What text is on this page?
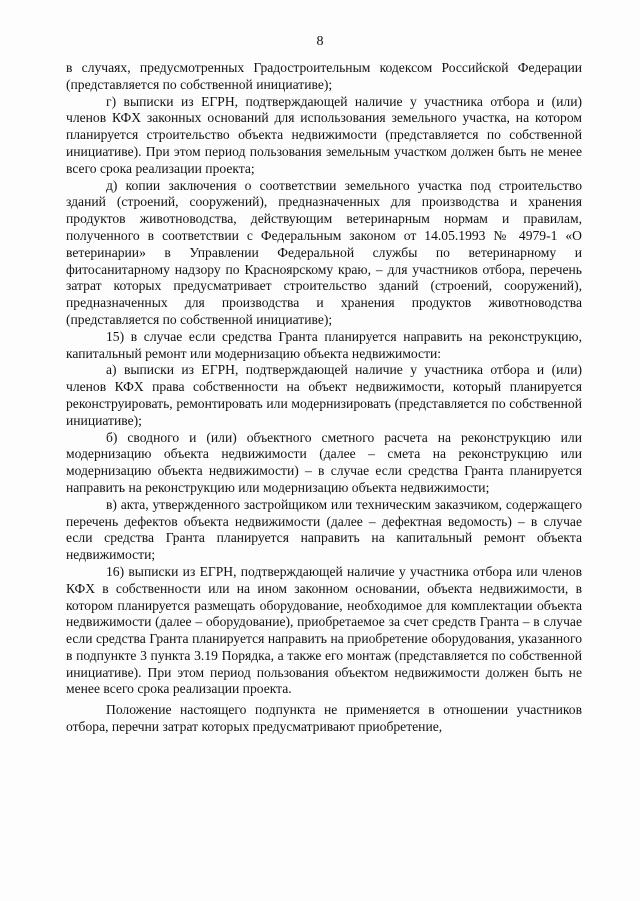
8

в случаях, предусмотренных Градостроительным кодексом Российской Федерации (представляется по собственной инициативе);

г) выписки из ЕГРН, подтверждающей наличие у участника отбора и (или) членов КФХ законных оснований для использования земельного участка, на котором планируется строительство объекта недвижимости (представляется по собственной инициативе). При этом период пользования земельным участком должен быть не менее всего срока реализации проекта;

д) копии заключения о соответствии земельного участка под строительство зданий (строений, сооружений), предназначенных для производства и хранения продуктов животноводства, действующим ветеринарным нормам и правилам, полученного в соответствии с Федеральным законом от 14.05.1993 № 4979-1 «О ветеринарии» в Управлении Федеральной службы по ветеринарному и фитосанитарному надзору по Красноярскому краю, – для участников отбора, перечень затрат которых предусматривает строительство зданий (строений, сооружений), предназначенных для производства и хранения продуктов животноводства (представляется по собственной инициативе);

15) в случае если средства Гранта планируется направить на реконструкцию, капитальный ремонт или модернизацию объекта недвижимости:

а) выписки из ЕГРН, подтверждающей наличие у участника отбора и (или) членов КФХ права собственности на объект недвижимости, который планируется реконструировать, ремонтировать или модернизировать (представляется по собственной инициативе);

б) сводного и (или) объектного сметного расчета на реконструкцию или модернизацию объекта недвижимости (далее – смета на реконструкцию или модернизацию объекта недвижимости) – в случае если средства Гранта планируется направить на реконструкцию или модернизацию объекта недвижимости;

в) акта, утвержденного застройщиком или техническим заказчиком, содержащего перечень дефектов объекта недвижимости (далее – дефектная ведомость) – в случае если средства Гранта планируется направить на капитальный ремонт объекта недвижимости;

16) выписки из ЕГРН, подтверждающей наличие у участника отбора или членов КФХ в собственности или на ином законном основании, объекта недвижимости, в котором планируется размещать оборудование, необходимое для комплектации объекта недвижимости (далее – оборудование), приобретаемое за счет средств Гранта – в случае если средства Гранта планируется направить на приобретение оборудования, указанного в подпункте 3 пункта 3.19 Порядка, а также его монтаж (представляется по собственной инициативе). При этом период пользования объектом недвижимости должен быть не менее всего срока реализации проекта.

Положение настоящего подпункта не применяется в отношении участников отбора, перечни затрат которых предусматривают приобретение,
